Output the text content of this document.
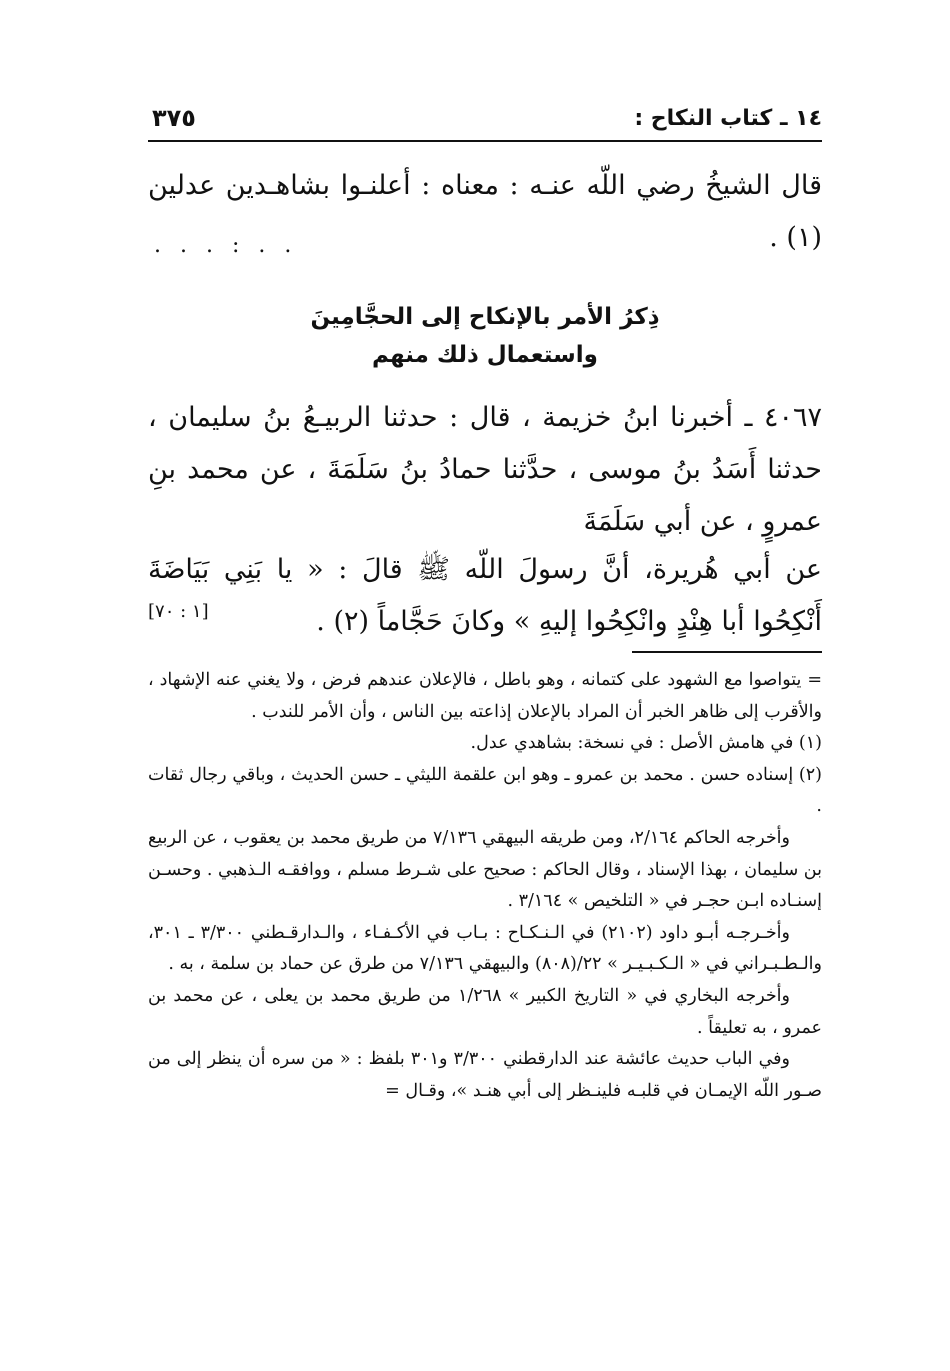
١٤ ـ كتاب النكاح :
٣٧٥
قال الشيخُ رضي اللّه عنـه : معناه : أعلنـوا بشاهـدين عدلين (١) .
. . . : . .
ذِكرُ الأمر بالإنكاح إلى الحجَّامِينَ
واستعمال ذلك منهم
٤٠٦٧ ـ أخبرنا ابنُ خزيمة ، قال : حدثنا الربيـعُ بنُ سليمان ، حدثنا أَسَدُ بنُ موسى ، حدَّثنا حمادُ بنُ سَلَمَةَ ، عن محمد بنِ عمروٍ ، عن أبي سَلَمَةَ
عن أبي هُريرة، أنَّ رسولَ اللّه ﷺ قالَ : « يا بَنِي بَيَاضَةَ أَنْكِحُوا أبا هِنْدٍ وانْكِحُوا إليهِ » وكانَ حَجَّاماً (٢) .
[١ : ٧٠]

= يتواصوا مع الشهود على كتمانه ، وهو باطل ، فالإعلان عندهم فرض ، ولا يغني عنه الإشهاد ، والأقرب إلى ظاهر الخبر أن المراد بالإعلان إذاعته بين الناس ، وأن الأمر للندب .

(١) في هامش الأصل : في نسخة: بشاهدي عدل.

(٢) إسناده حسن . محمد بن عمرو ـ وهو ابن علقمة الليثي ـ حسن الحديث ، وباقي رجال ثقات .

وأخرجه الحاكم ٢/١٦٤، ومن طريقه البيهقي ٧/١٣٦ من طريق محمد بن يعقوب ، عن الربيع بن سليمان ، بهذا الإسناد ، وقال الحاكم : صحيح على شـرط مسلم ، ووافقـه الـذهبي . وحسـن إسنـاده ابـن حجـر في « التلخيص » ٣/١٦٤ .

وأخـرجـه أبـو داود (٢١٠٢) في الـنـكـاح : بـاب في الأكـفـاء ، والـدارقـطني ٣/٣٠٠ ـ ٣٠١، والـطـبـراني في « الـكـبـيـر » ٢٢/(٨٠٨) والبيهقي ٧/١٣٦ من طرق عن حماد بن سلمة ، به .

وأخرجه البخاري في « التاريخ الكبير » ١/٢٦٨ من طريق محمد بن يعلى ، عن محمد بن عمرو ، به تعليقاً .

وفي الباب حديث عائشة عند الدارقطني ٣/٣٠٠ و٣٠١ بلفظ : « من سره أن ينظر إلى من صـور اللّه الإيمـان في قلبـه فلينـظر إلى أبي هنـد »، وقـال =
